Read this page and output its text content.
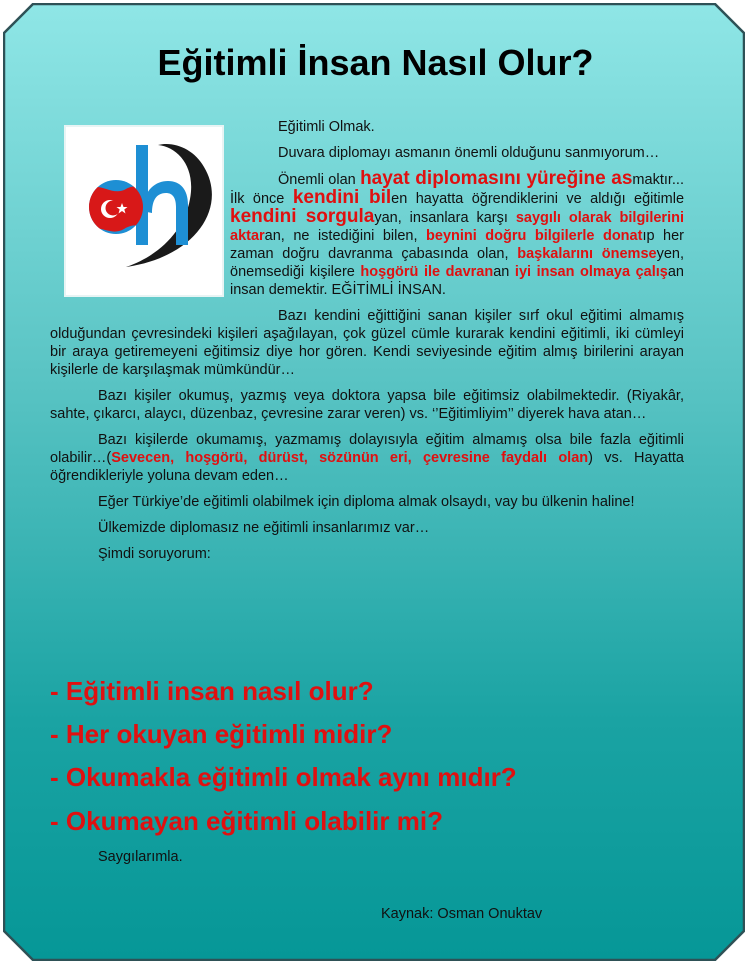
Eğitimli İnsan Nasıl Olur?

Eğitimli Olmak.

Duvara diplomayı asmanın önemli olduğunu sanmıyorum…

Önemli olan hayat diplomasını yüreğine asmaktır... İlk önce kendini bilen hayatta öğrendiklerini ve aldığı eğitimle kendini sorgulayan, insanlara karşı saygılı olarak bilgilerini aktaran, ne istediğini bilen, beynini doğru bilgilerle donatıp her zaman doğru davranma çabasında olan, başkalarını önemseyen, önemsediği kişilere hoşgörü ile davranan iyi insan olmaya çalışan insan demektir. EĞİTİMLİ İNSAN.

Bazı kendini eğittiğini sanan kişiler sırf okul eğitimi almamış olduğundan çevresindeki kişileri aşağılayan, çok güzel cümle kurarak kendini eğitimli, iki cümleyi bir araya getiremeyeni eğitimsiz diye hor gören. Kendi seviyesinde eğitim almış birilerini arayan kişilerle de karşılaşmak mümkündür…

Bazı kişiler okumuş, yazmış veya doktora yapsa bile eğitimsiz olabilmektedir. (Riyakâr, sahte, çıkarcı, alaycı, düzenbaz, çevresine zarar veren) vs. ‘’Eğitimliyim’’ diyerek hava atan…

Bazı kişilerde okumamış, yazmamış dolayısıyla eğitim almamış olsa bile fazla eğitimli olabilir…(Sevecen, hoşgörü, dürüst, sözünün eri, çevresine faydalı olan) vs. Hayatta öğrendikleriyle yoluna devam eden…

Eğer Türkiye’de eğitimli olabilmek için diploma almak olsaydı, vay bu ülkenin haline!

Ülkemizde diplomasız ne eğitimli insanlarımız var…

Şimdi soruyorum:

- Eğitimli insan nasıl olur?
- Her okuyan eğitimli midir?
- Okumakla eğitimli olmak aynı mıdır?
- Okumayan eğitimli olabilir mi?
Saygılarımla.
Kaynak: Osman Onuktav
